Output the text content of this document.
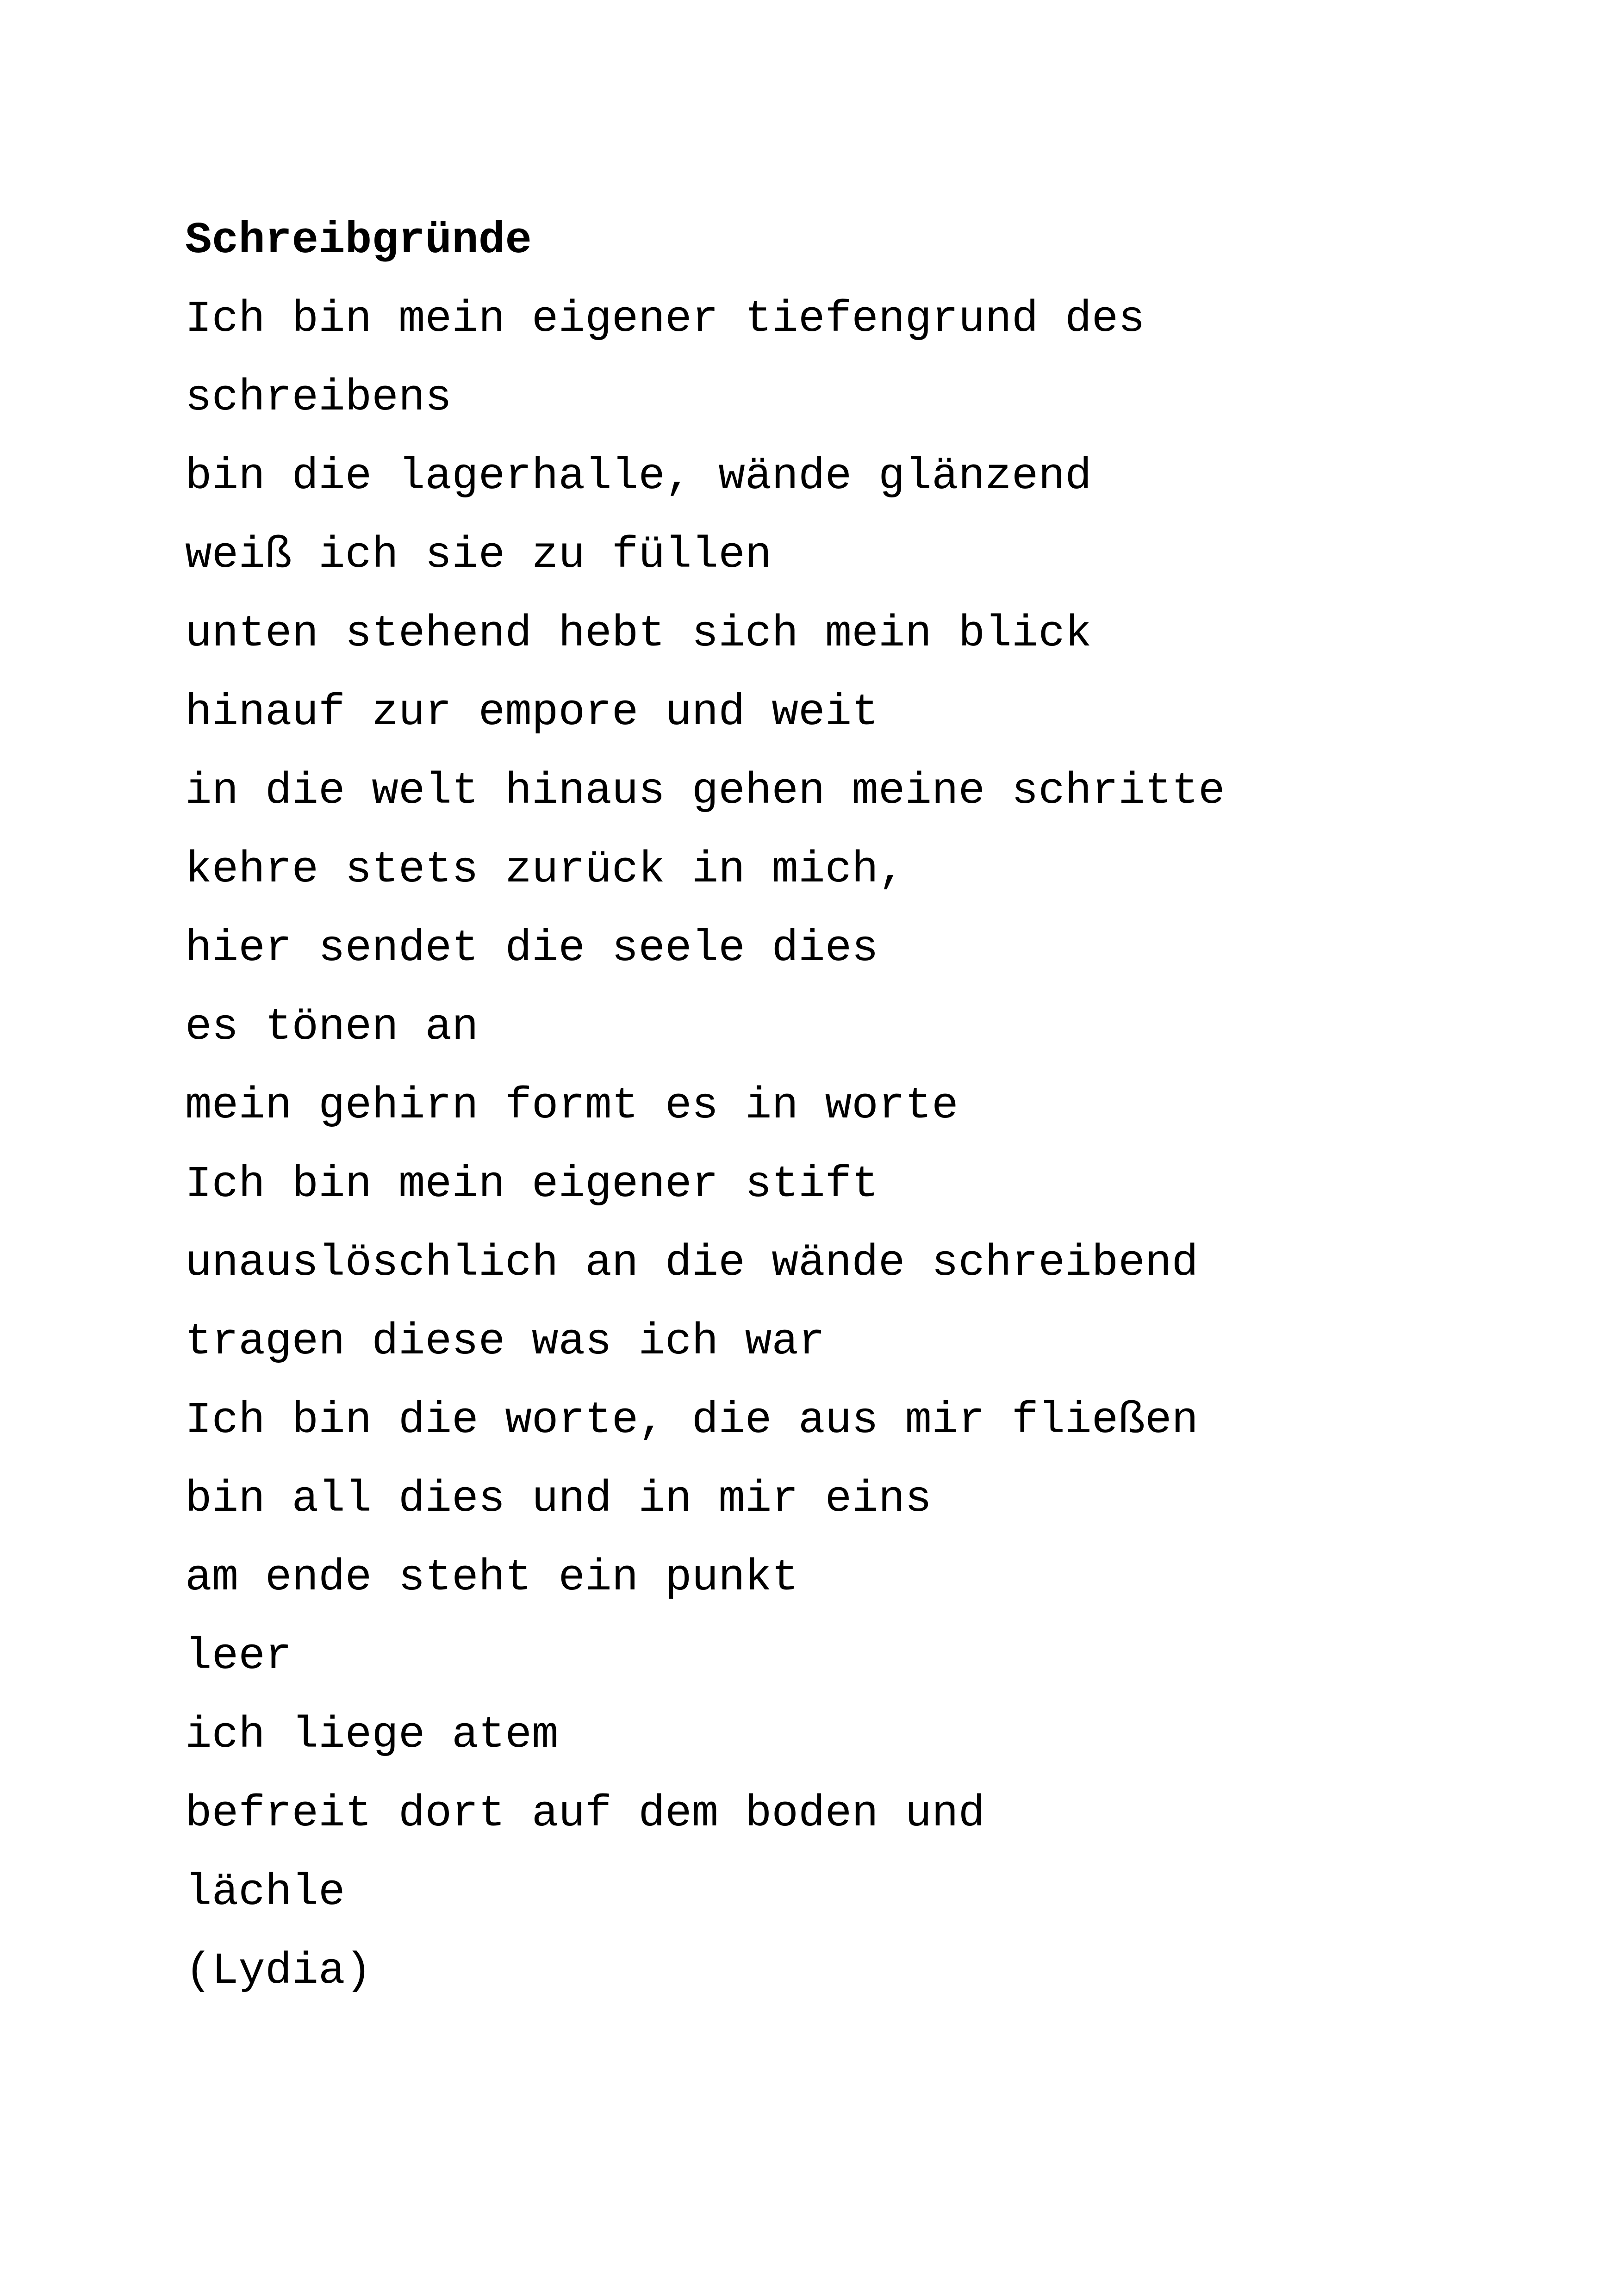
Schreibgründe
Ich bin mein eigener tiefengrund des
schreibens
bin die lagerhalle, wände glänzend
weiß ich sie zu füllen
unten stehend hebt sich mein blick
hinauf zur empore und weit
in die welt hinaus gehen meine schritte
kehre stets zurück in mich,
hier sendet die seele dies
es tönen an
mein gehirn formt es in worte
Ich bin mein eigener stift
unauslöschlich an die wände schreibend
tragen diese was ich war
Ich bin die worte, die aus mir fließen
bin all dies und in mir eins
am ende steht ein punkt
leer
ich liege atem
befreit dort auf dem boden und
lächle
(Lydia)
